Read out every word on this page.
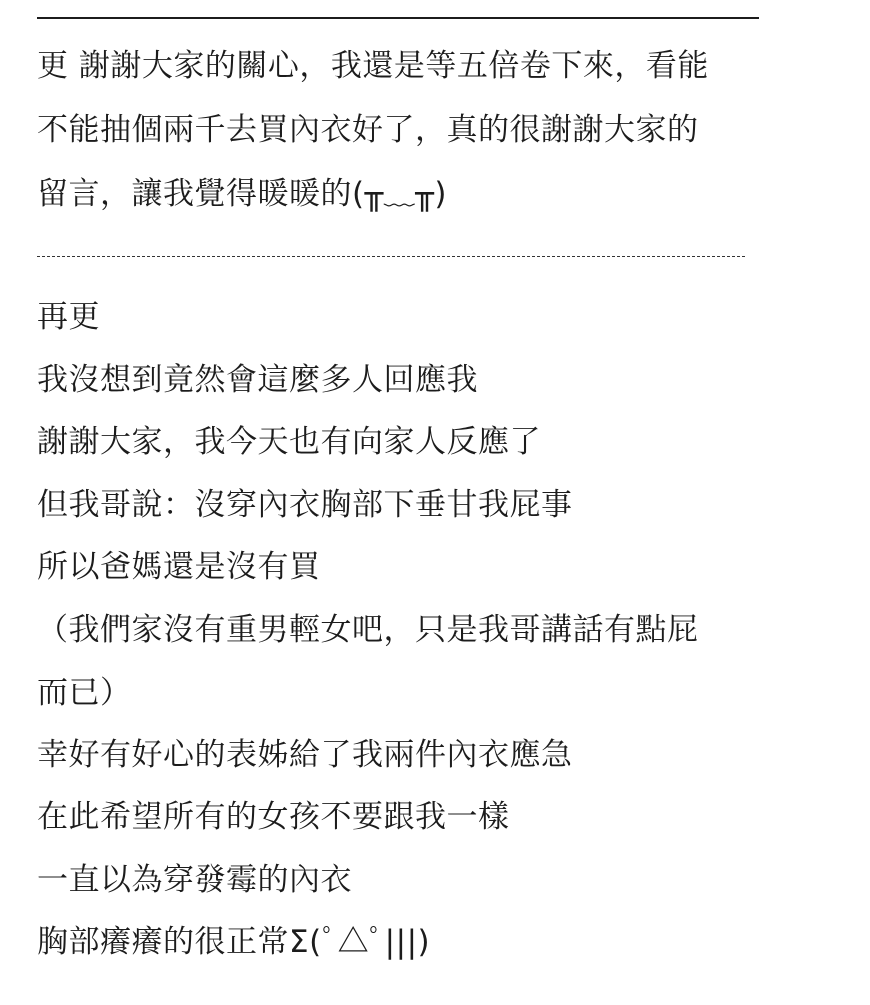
更 謝謝大家的關心，我還是等五倍卷下來，看能
不能抽個兩千去買內衣好了，真的很謝謝大家的
留言，讓我覺得暖暖的(╥﹏╥)
再更
我沒想到竟然會這麼多人回應我
謝謝大家，我今天也有向家人反應了
但我哥說：沒穿內衣胸部下垂甘我屁事
所以爸媽還是沒有買
（我們家沒有重男輕女吧，只是我哥講話有點屁
而已）
幸好有好心的表姊給了我兩件內衣應急
在此希望所有的女孩不要跟我一樣
一直以為穿發霉的內衣
胸部癢癢的很正常Σ(ﾟ△ﾟ|||)
